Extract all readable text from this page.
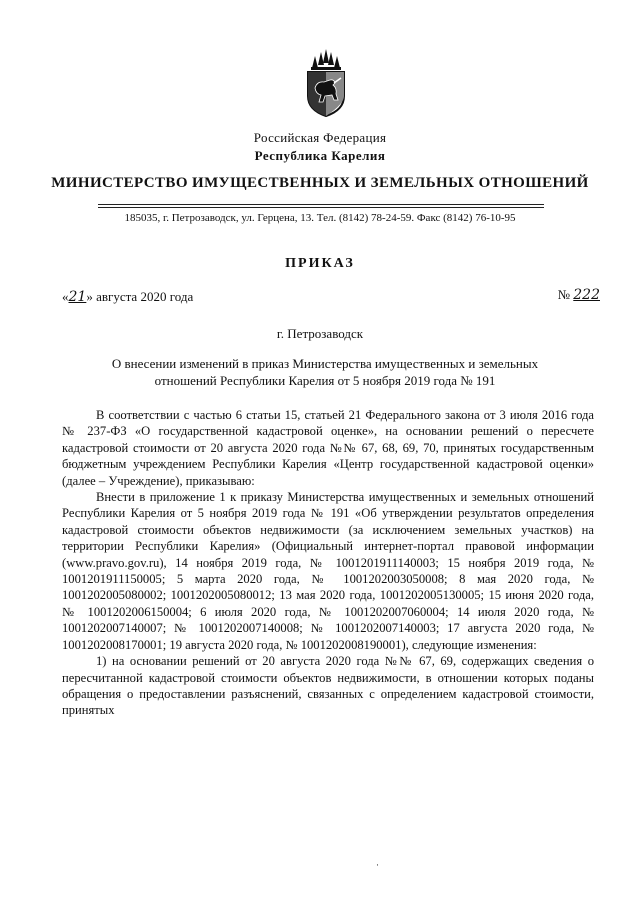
Российская Федерация
Республика Карелия
МИНИСТЕРСТВО ИМУЩЕСТВЕННЫХ И ЗЕМЕЛЬНЫХ ОТНОШЕНИЙ
185035, г. Петрозаводск, ул. Герцена, 13. Тел. (8142) 78-24-59. Факс (8142) 76-10-95
ПРИКАЗ
«21» августа 2020 года	№ 222
г. Петрозаводск
О внесении изменений в приказ Министерства имущественных и земельных
отношений Республики Карелия от 5 ноября 2019 года № 191

В соответствии с частью 6 статьи 15, статьей 21 Федерального закона от 3 июля 2016 года № 237-ФЗ «О государственной кадастровой оценке», на основании решений о пересчете кадастровой стоимости от 20 августа 2020 года №№ 67, 68, 69, 70, принятых государственным бюджетным учреждением Республики Карелия «Центр государственной кадастровой оценки» (далее – Учреждение), приказываю:

Внести в приложение 1 к приказу Министерства имущественных и земельных отношений Республики Карелия от 5 ноября 2019 года № 191 «Об утверждении результатов определения кадастровой стоимости объектов недвижимости (за исключением земельных участков) на территории Республики Карелия» (Официальный интернет-портал правовой информации (www.pravo.gov.ru), 14 ноября 2019 года, № 1001201911140003; 15 ноября 2019 года, № 1001201911150005; 5 марта 2020 года, № 1001202003050008; 8 мая 2020 года, № 1001202005080002; 1001202005080012; 13 мая 2020 года, 1001202005130005; 15 июня 2020 года, № 1001202006150004; 6 июля 2020 года, № 1001202007060004; 14 июля 2020 года, № 1001202007140007; № 1001202007140008; № 1001202007140003; 17 августа 2020 года, № 1001202008170001; 19 августа 2020 года, № 1001202008190001), следующие изменения:

1) на основании решений от 20 августа 2020 года №№ 67, 69, содержащих сведения о пересчитанной кадастровой стоимости объектов недвижимости, в отношении которых поданы обращения о предоставлении разъяснений, связанных с определением кадастровой стоимости, принятых

·
